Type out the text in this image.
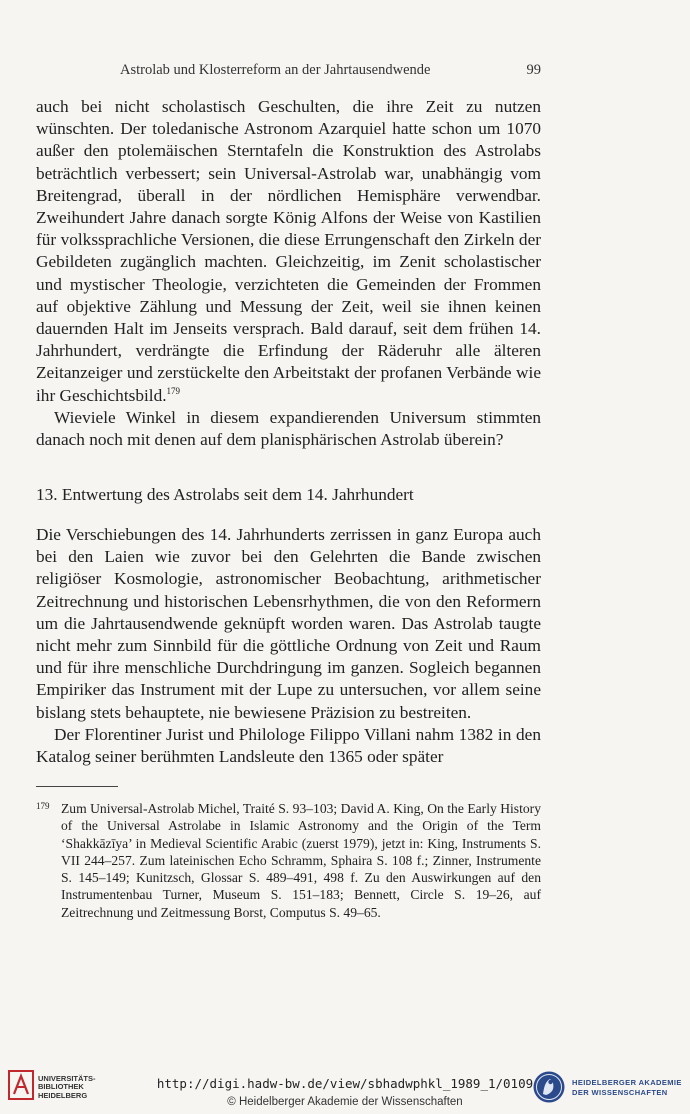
Astrolab und Klosterreform an der Jahrtausendwende	99

auch bei nicht scholastisch Geschulten, die ihre Zeit zu nutzen wünschten. Der toledanische Astronom Azarquiel hatte schon um 1070 außer den ptolemäischen Sterntafeln die Konstruktion des Astrolabs beträchtlich verbessert; sein Universal-Astrolab war, unabhängig vom Breitengrad, überall in der nördlichen Hemisphäre verwendbar. Zweihundert Jahre danach sorgte König Alfons der Weise von Kastilien für volkssprachliche Versionen, die diese Errungenschaft den Zirkeln der Gebildeten zugänglich machten. Gleichzeitig, im Zenit scholastischer und mystischer Theologie, verzichteten die Gemeinden der Frommen auf objektive Zählung und Messung der Zeit, weil sie ihnen keinen dauernden Halt im Jenseits versprach. Bald darauf, seit dem frühen 14. Jahrhundert, verdrängte die Erfindung der Räderuhr alle älteren Zeitanzeiger und zerstückelte den Arbeitstakt der profanen Verbände wie ihr Geschichtsbild.$^{179}$

Wieviele Winkel in diesem expandierenden Universum stimmten danach noch mit denen auf dem planisphärischen Astrolab überein?

13. Entwertung des Astrolabs seit dem 14. Jahrhundert

Die Verschiebungen des 14. Jahrhunderts zerrissen in ganz Europa auch bei den Laien wie zuvor bei den Gelehrten die Bande zwischen religiöser Kosmologie, astronomischer Beobachtung, arithmetischer Zeitrechnung und historischen Lebensrhythmen, die von den Reformern um die Jahrtausendwende geknüpft worden waren. Das Astrolab taugte nicht mehr zum Sinnbild für die göttliche Ordnung von Zeit und Raum und für ihre menschliche Durchdringung im ganzen. Sogleich begannen Empiriker das Instrument mit der Lupe zu untersuchen, vor allem seine bislang stets behauptete, nie bewiesene Präzision zu bestreiten.

Der Florentiner Jurist und Philologe Filippo Villani nahm 1382 in den Katalog seiner berühmten Landsleute den 1365 oder später

179 Zum Universal-Astrolab Michel, Traité S. 93–103; David A. King, On the Early History of the Universal Astrolabe in Islamic Astronomy and the Origin of the Term ‘Shakkāzīya’ in Medieval Scientific Arabic (zuerst 1979), jetzt in: King, Instruments S. VII 244–257. Zum lateinischen Echo Schramm, Sphaira S. 108 f.; Zinner, Instrumente S. 145–149; Kunitzsch, Glossar S. 489–491, 498 f. Zu den Auswirkungen auf den Instrumentenbau Turner, Museum S. 151–183; Bennett, Circle S. 19–26, auf Zeitrechnung und Zeitmessung Borst, Computus S. 49–65.
UNIVERSITÄTS-
BIBLIOTHEK
HEIDELBERG
http://digi.hadw-bw.de/view/sbhadwphkl_1989_1/0109
© Heidelberger Akademie der Wissenschaften
HEIDELBERGER AKADEMIE
DER WISSENSCHAFTEN
